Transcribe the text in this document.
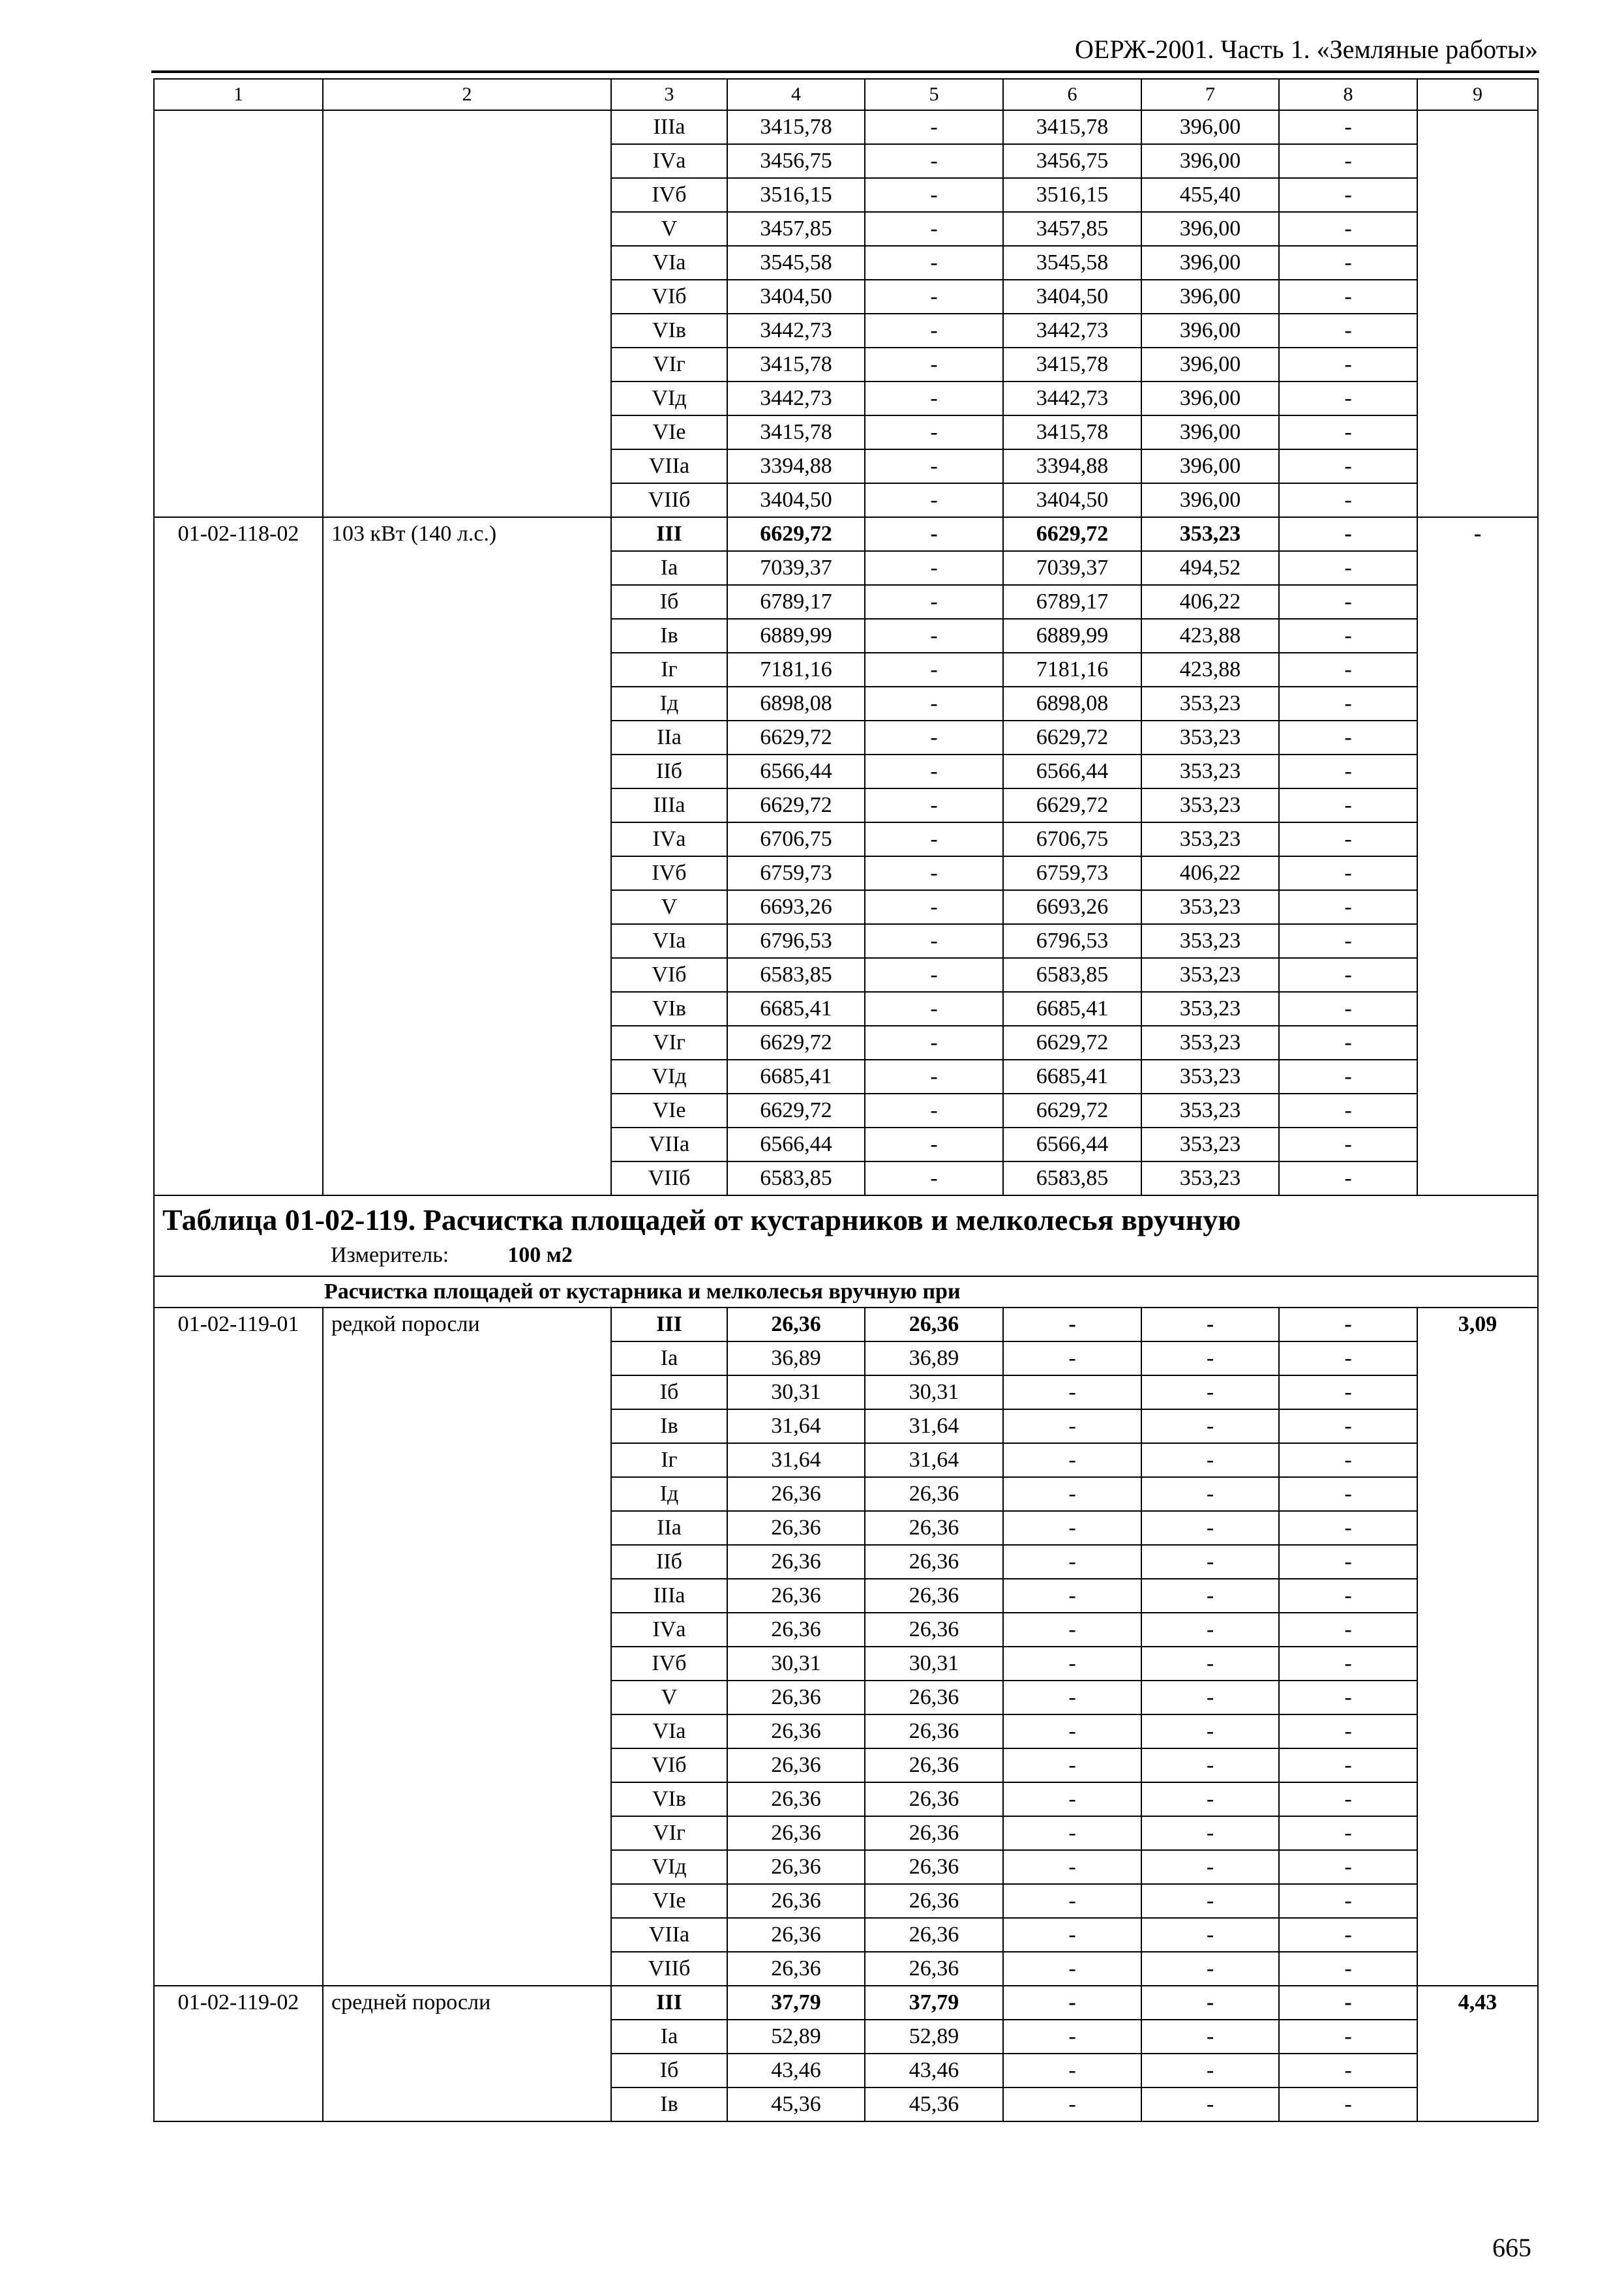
ОЕРЖ-2001. Часть 1. «Земляные работы»
1	2	3	4	5	6	7	8	9
		IIIа	3415,78	-	3415,78	396,00	-	
		IVа	3456,75	-	3456,75	396,00	-	
		IVб	3516,15	-	3516,15	455,40	-	
		V	3457,85	-	3457,85	396,00	-	
		VIа	3545,58	-	3545,58	396,00	-	
		VIб	3404,50	-	3404,50	396,00	-	
		VIв	3442,73	-	3442,73	396,00	-	
		VIг	3415,78	-	3415,78	396,00	-	
		VIд	3442,73	-	3442,73	396,00	-	
		VIе	3415,78	-	3415,78	396,00	-	
		VIIа	3394,88	-	3394,88	396,00	-	
		VIIб	3404,50	-	3404,50	396,00	-	
01-02-118-02	103 кВт (140 л.с.)	III	6629,72	-	6629,72	353,23	-	-
		Iа	7039,37	-	7039,37	494,52	-	
		Iб	6789,17	-	6789,17	406,22	-	
		Iв	6889,99	-	6889,99	423,88	-	
		Iг	7181,16	-	7181,16	423,88	-	
		Iд	6898,08	-	6898,08	353,23	-	
		IIа	6629,72	-	6629,72	353,23	-	
		IIб	6566,44	-	6566,44	353,23	-	
		IIIа	6629,72	-	6629,72	353,23	-	
		IVа	6706,75	-	6706,75	353,23	-	
		IVб	6759,73	-	6759,73	406,22	-	
		V	6693,26	-	6693,26	353,23	-	
		VIа	6796,53	-	6796,53	353,23	-	
		VIб	6583,85	-	6583,85	353,23	-	
		VIв	6685,41	-	6685,41	353,23	-	
		VIг	6629,72	-	6629,72	353,23	-	
		VIд	6685,41	-	6685,41	353,23	-	
		VIе	6629,72	-	6629,72	353,23	-	
		VIIа	6566,44	-	6566,44	353,23	-	
		VIIб	6583,85	-	6583,85	353,23	-	

Таблица 01-02-119. Расчистка площадей от кустарников и мелколесья вручную
Измеритель: 100 м2								

Расчистка площадей от кустарника и мелколесья вручную при								
01-02-119-01	редкой поросли	III	26,36	26,36	-	-	-	3,09
		Iа	36,89	36,89	-	-	-	
		Iб	30,31	30,31	-	-	-	
		Iв	31,64	31,64	-	-	-	
		Iг	31,64	31,64	-	-	-	
		Iд	26,36	26,36	-	-	-	
		IIа	26,36	26,36	-	-	-	
		IIб	26,36	26,36	-	-	-	
		IIIа	26,36	26,36	-	-	-	
		IVа	26,36	26,36	-	-	-	
		IVб	30,31	30,31	-	-	-	
		V	26,36	26,36	-	-	-	
		VIа	26,36	26,36	-	-	-	
		VIб	26,36	26,36	-	-	-	
		VIв	26,36	26,36	-	-	-	
		VIг	26,36	26,36	-	-	-	
		VIд	26,36	26,36	-	-	-	
		VIе	26,36	26,36	-	-	-	
		VIIа	26,36	26,36	-	-	-	
		VIIб	26,36	26,36	-	-	-	
01-02-119-02	средней поросли	III	37,79	37,79	-	-	-	4,43
		Iа	52,89	52,89	-	-	-	
		Iб	43,46	43,46	-	-	-	
		Iв	45,36	45,36	-	-	-	
665
